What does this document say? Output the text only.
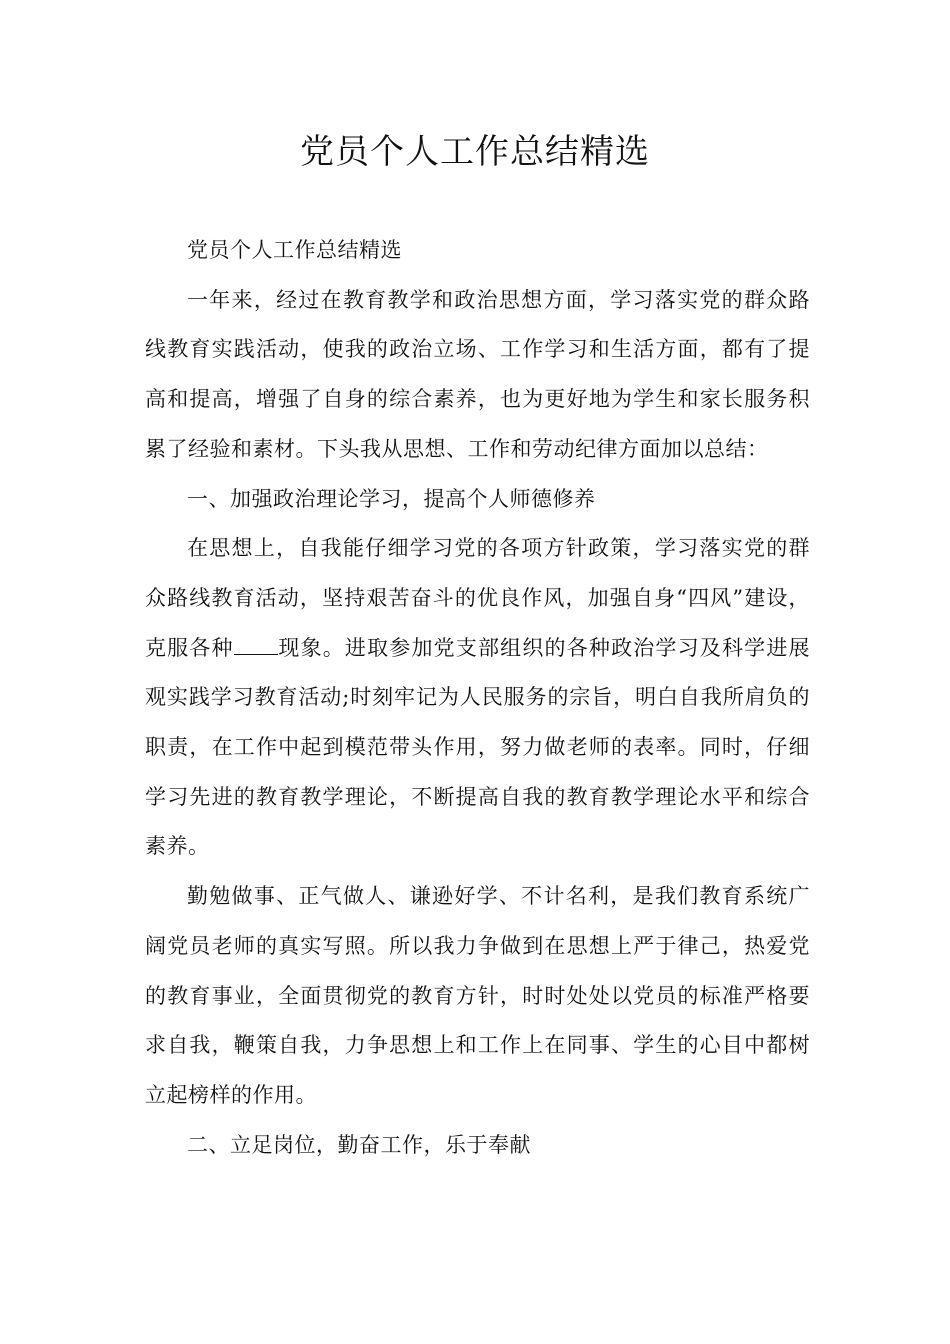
党员个人工作总结精选

党员个人工作总结精选

一年来，经过在教育教学和政治思想方面，学习落实党的群众路线教育实践活动，使我的政治立场、工作学习和生活方面，都有了提高和提高，增强了自身的综合素养，也为更好地为学生和家长服务积累了经验和素材。下头我从思想、工作和劳动纪律方面加以总结：

一、加强政治理论学习，提高个人师德修养

在思想上，自我能仔细学习党的各项方针政策，学习落实党的群众路线教育活动，坚持艰苦奋斗的优良作风，加强自身“四风”建设，克服各种 现象。进取参加党支部组织的各种政治学习及科学进展观实践学习教育活动;时刻牢记为人民服务的宗旨，明白自我所肩负的职责，在工作中起到模范带头作用，努力做老师的表率。同时，仔细学习先进的教育教学理论，不断提高自我的教育教学理论水平和综合素养。

勤勉做事、正气做人、谦逊好学、不计名利，是我们教育系统广阔党员老师的真实写照。所以我力争做到在思想上严于律己，热爱党的教育事业，全面贯彻党的教育方针，时时处处以党员的标准严格要求自我，鞭策自我，力争思想上和工作上在同事、学生的心目中都树立起榜样的作用。

二、立足岗位，勤奋工作，乐于奉献
